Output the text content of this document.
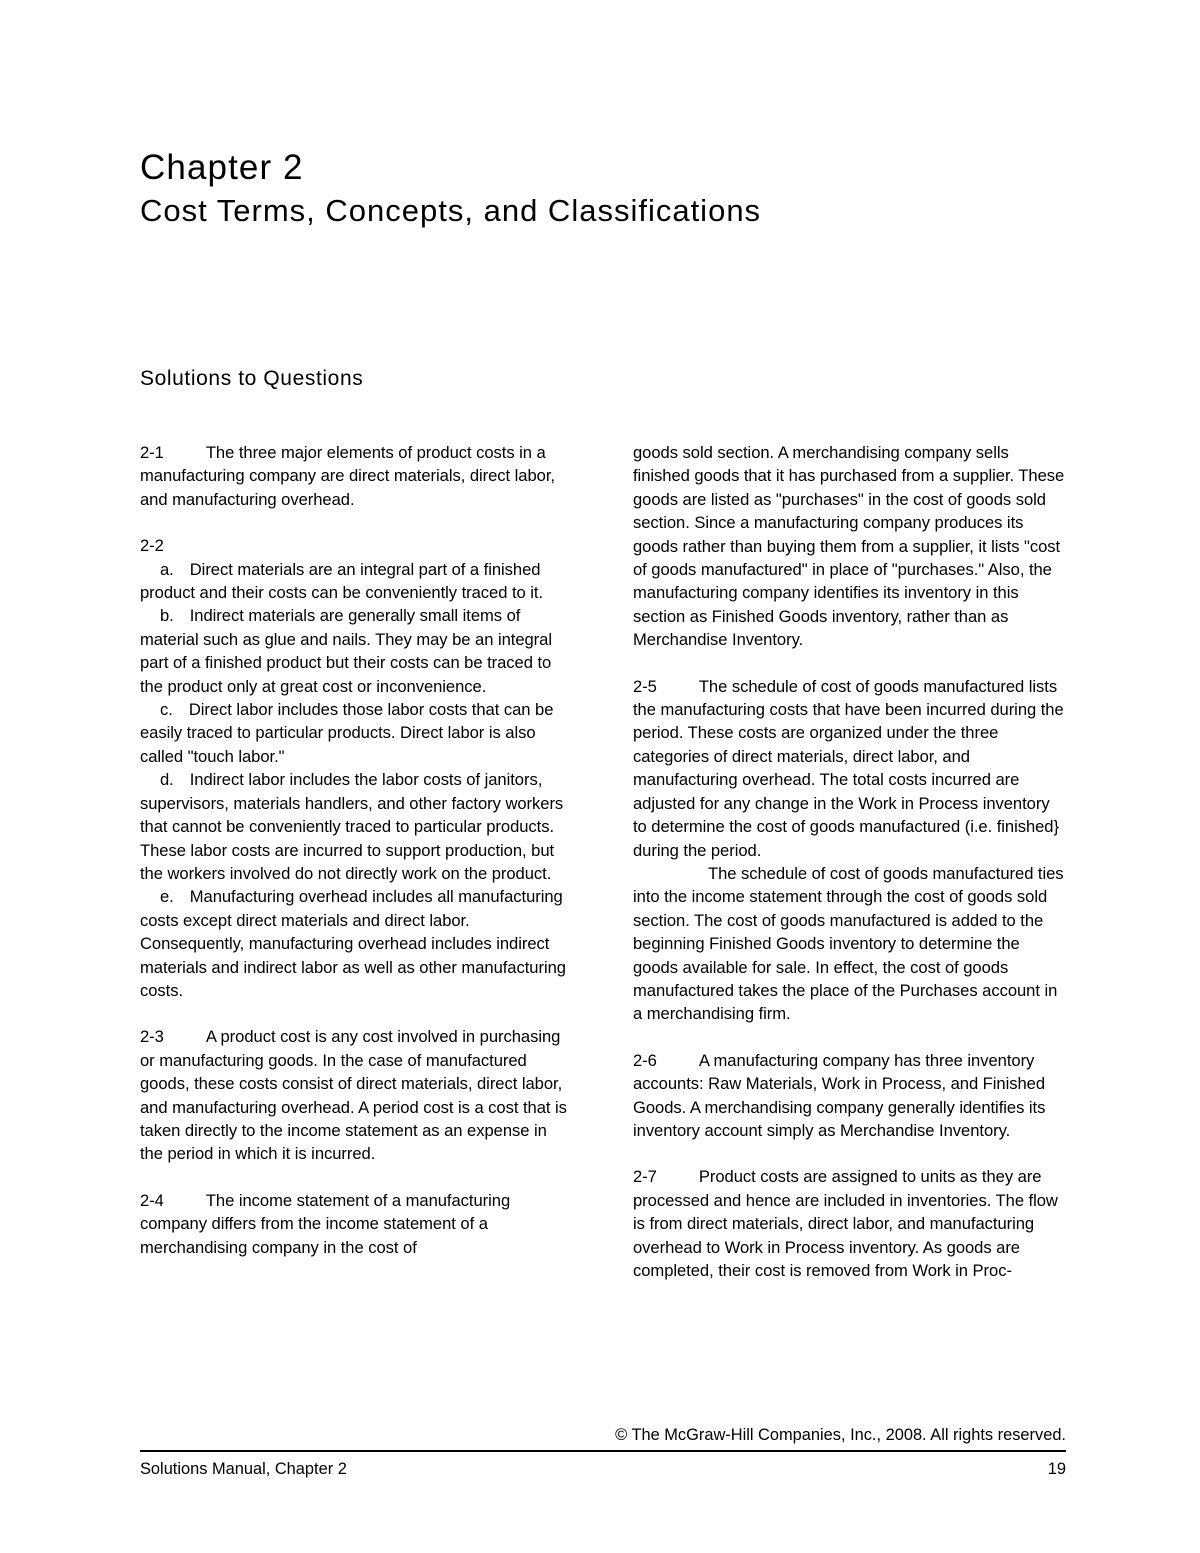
Chapter 2
Cost Terms, Concepts, and Classifications
Solutions to Questions

2-1	The three major elements of product costs in a manufacturing company are direct materials, direct labor, and manufacturing overhead.

2-2

a. Direct materials are an integral part of a finished product and their costs can be conveniently traced to it.

b. Indirect materials are generally small items of material such as glue and nails. They may be an integral part of a finished product but their costs can be traced to the product only at great cost or inconvenience.

c. Direct labor includes those labor costs that can be easily traced to particular products. Direct labor is also called "touch labor."

d. Indirect labor includes the labor costs of janitors, supervisors, materials handlers, and other factory workers that cannot be conveniently traced to particular products. These labor costs are incurred to support production, but the workers involved do not directly work on the product.

e. Manufacturing overhead includes all manufacturing costs except direct materials and direct labor. Consequently, manufacturing overhead includes indirect materials and indirect labor as well as other manufacturing costs.

2-3	A product cost is any cost involved in purchasing or manufacturing goods. In the case of manufactured goods, these costs consist of direct materials, direct labor, and manufacturing overhead. A period cost is a cost that is taken directly to the income statement as an expense in the period in which it is incurred.

2-4	The income statement of a manufacturing company differs from the income statement of a merchandising company in the cost of

goods sold section. A merchandising company sells finished goods that it has purchased from a supplier. These goods are listed as "purchases" in the cost of goods sold section. Since a manufacturing company produces its goods rather than buying them from a supplier, it lists "cost of goods manufactured" in place of "purchases." Also, the manufacturing company identifies its inventory in this section as Finished Goods inventory, rather than as Merchandise Inventory.

2-5	The schedule of cost of goods manufactured lists the manufacturing costs that have been incurred during the period. These costs are organized under the three categories of direct materials, direct labor, and manufacturing overhead. The total costs incurred are adjusted for any change in the Work in Process inventory to determine the cost of goods manufactured (i.e. finished} during the period.

The schedule of cost of goods manufactured ties into the income statement through the cost of goods sold section. The cost of goods manufactured is added to the beginning Finished Goods inventory to determine the goods available for sale. In effect, the cost of goods manufactured takes the place of the Purchases account in a merchandising firm.

2-6	A manufacturing company has three inventory accounts: Raw Materials, Work in Process, and Finished Goods. A merchandising company generally identifies its inventory account simply as Merchandise Inventory.

2-7	Product costs are assigned to units as they are processed and hence are included in inventories. The flow is from direct materials, direct labor, and manufacturing overhead to Work in Process inventory. As goods are completed, their cost is removed from Work in Proc-

© The McGraw-Hill Companies, Inc., 2008. All rights reserved.

Solutions Manual, Chapter 2	19
